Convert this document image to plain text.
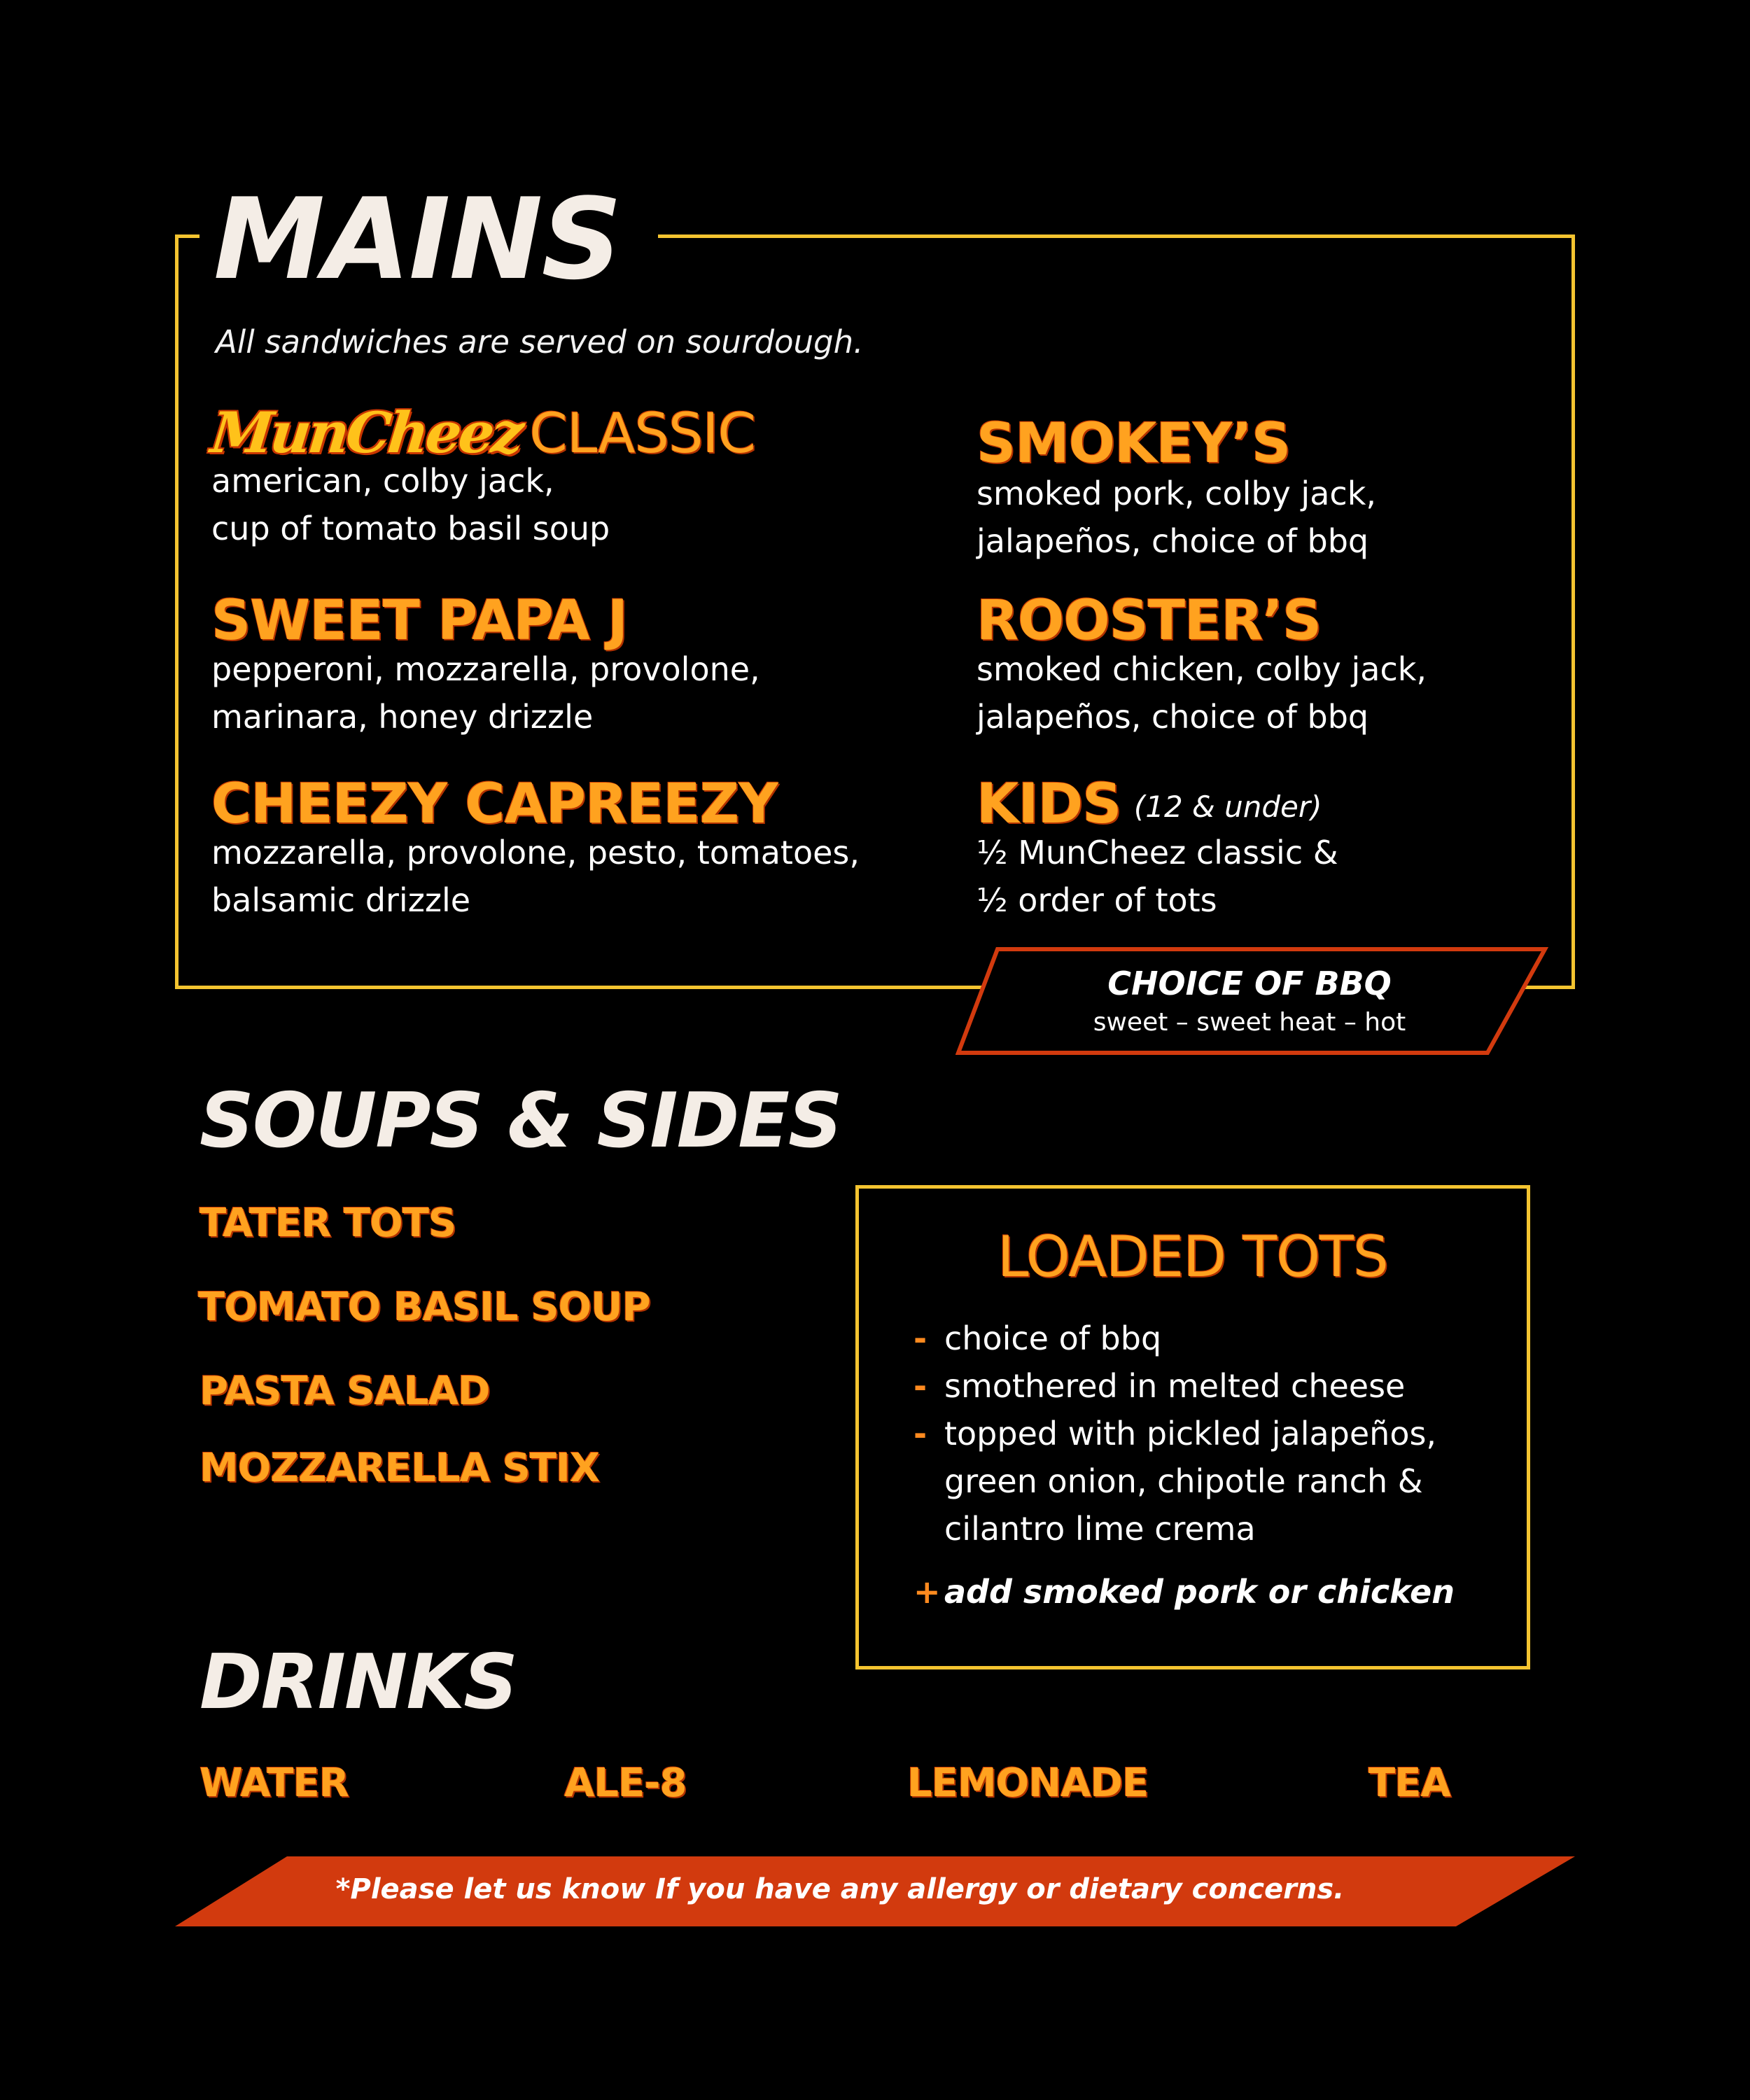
MAINS
All sandwiches are served on sourdough.
MunCheez CLASSIC
american, colby jack,
cup of tomato basil soup
SMOKEY’S
smoked pork, colby jack,
jalapeños, choice of bbq
SWEET PAPA J
pepperoni, mozzarella, provolone,
marinara, honey drizzle
ROOSTER’S
smoked chicken, colby jack,
jalapeños, choice of bbq
CHEEZY CAPREEZY
mozzarella, provolone, pesto, tomatoes,
balsamic drizzle
KIDS (12 & under)
½ MunCheez classic &
½ order of tots
CHOICE OF BBQ
sweet – sweet heat – hot
SOUPS & SIDES
TATER TOTS
TOMATO BASIL SOUP
PASTA SALAD
MOZZARELLA STIX
LOADED TOTS
- choice of bbq
- smothered in melted cheese
- topped with pickled jalapeños,
green onion, chipotle ranch &
cilantro lime crema
+ add smoked pork or chicken
DRINKS
WATER	ALE-8	LEMONADE	TEA
*Please let us know If you have any allergy or dietary concerns.
